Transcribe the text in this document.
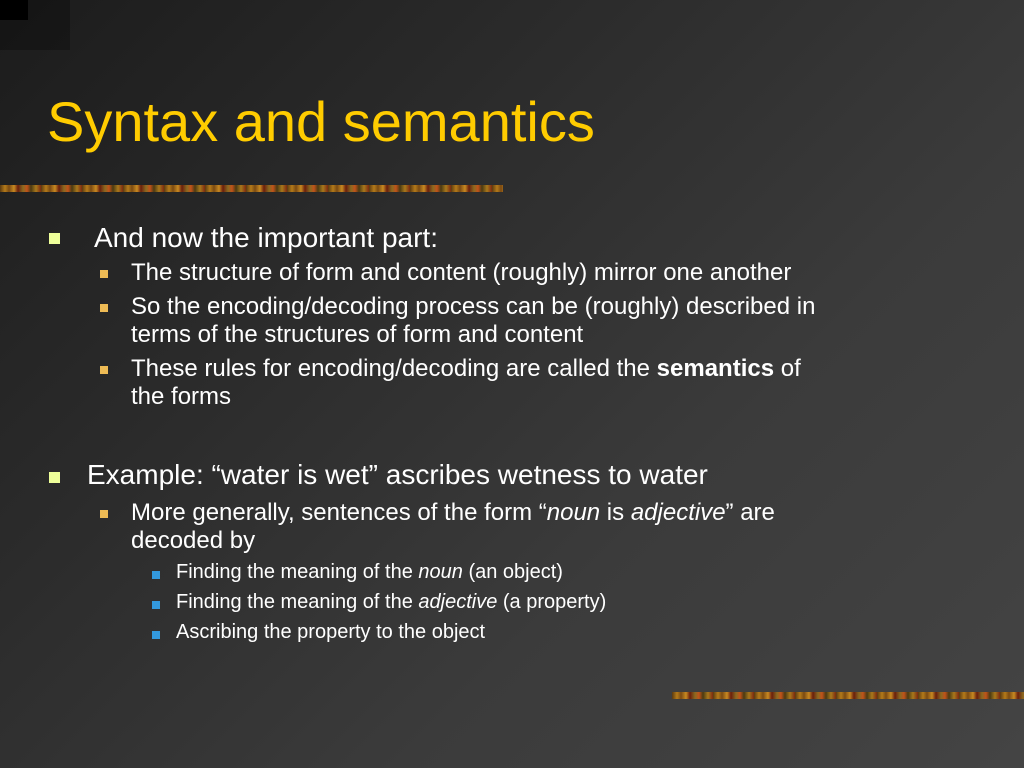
Syntax and semantics
And now the important part:
The structure of form and content (roughly) mirror one another
So the encoding/decoding process can be (roughly) described in
terms of the structures of form and content
These rules for encoding/decoding are called the semantics of
the forms
Example: “water is wet” ascribes wetness to water
More generally, sentences of the form “noun is adjective” are
decoded by
Finding the meaning of the noun (an object)
Finding the meaning of the adjective (a property)
Ascribing the property to the object
